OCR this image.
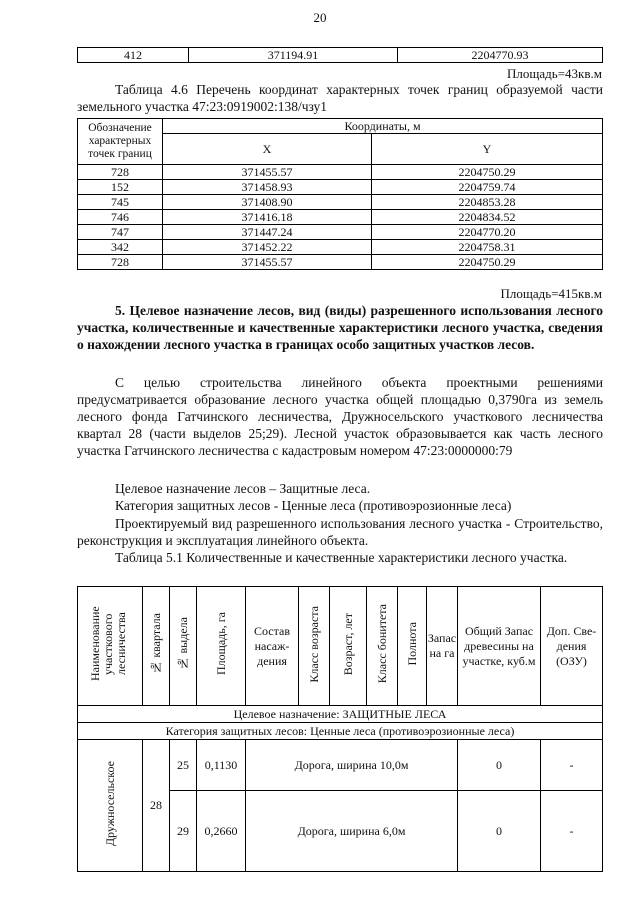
20
412	371194.91	2204770.93
Площадь=43кв.м
Таблица 4.6 Перечень координат характерных точек границ образуемой части земельного участка 47:23:0919002:138/чзу1
Обозначение характерных точек границ	Координаты, м	
	X	Y
728	371455.57	2204750.29
152	371458.93	2204759.74
745	371408.90	2204853.28
746	371416.18	2204834.52
747	371447.24	2204770.20
342	371452.22	2204758.31
728	371455.57	2204750.29
Площадь=415кв.м
5. Целевое назначение лесов, вид (виды) разрешенного использования лесного участка, количественные и качественные характеристики лесного участка, сведения о нахождении лесного участка в границах особо защитных участков лесов.
С целью строительства линейного объекта проектными решениями предусматривается образование лесного участка общей площадью 0,3790га из земель лесного фонда Гатчинского лесничества, Дружносельского участкового лесничества квартал 28 (части выделов 25;29). Лесной участок образовывается как часть лесного участка Гатчинского лесничества с кадастровым номером 47:23:0000000:79
Целевое назначение лесов – Защитные леса.
Категория защитных лесов - Ценные леса (противоэрозионные леса)
Проектируемый вид разрешенного использования лесного участка - Строительство, реконструкция и эксплуатация линейного объекта.
Таблица 5.1 Количественные и качественные характеристики лесного участка.
Наименование участкового лесничества	№ квартала	№ выдела	Площадь, га	Состав насаж-дения	Класс возраста	Возраст, лет	Класс бонитета	Полнота	Запас на га	Общий Запас древесины на участке, куб.м	Доп. Све-дения (ОЗУ)
Целевое назначение: ЗАЩИТНЫЕ ЛЕСА											
Категория защитных лесов: Ценные леса (противоэрозионные леса)											
Дружносельское	28	25	0,1130	Дорога, ширина 10,0м						0	-
		29	0,2660	Дорога, ширина 6,0м						0	-
